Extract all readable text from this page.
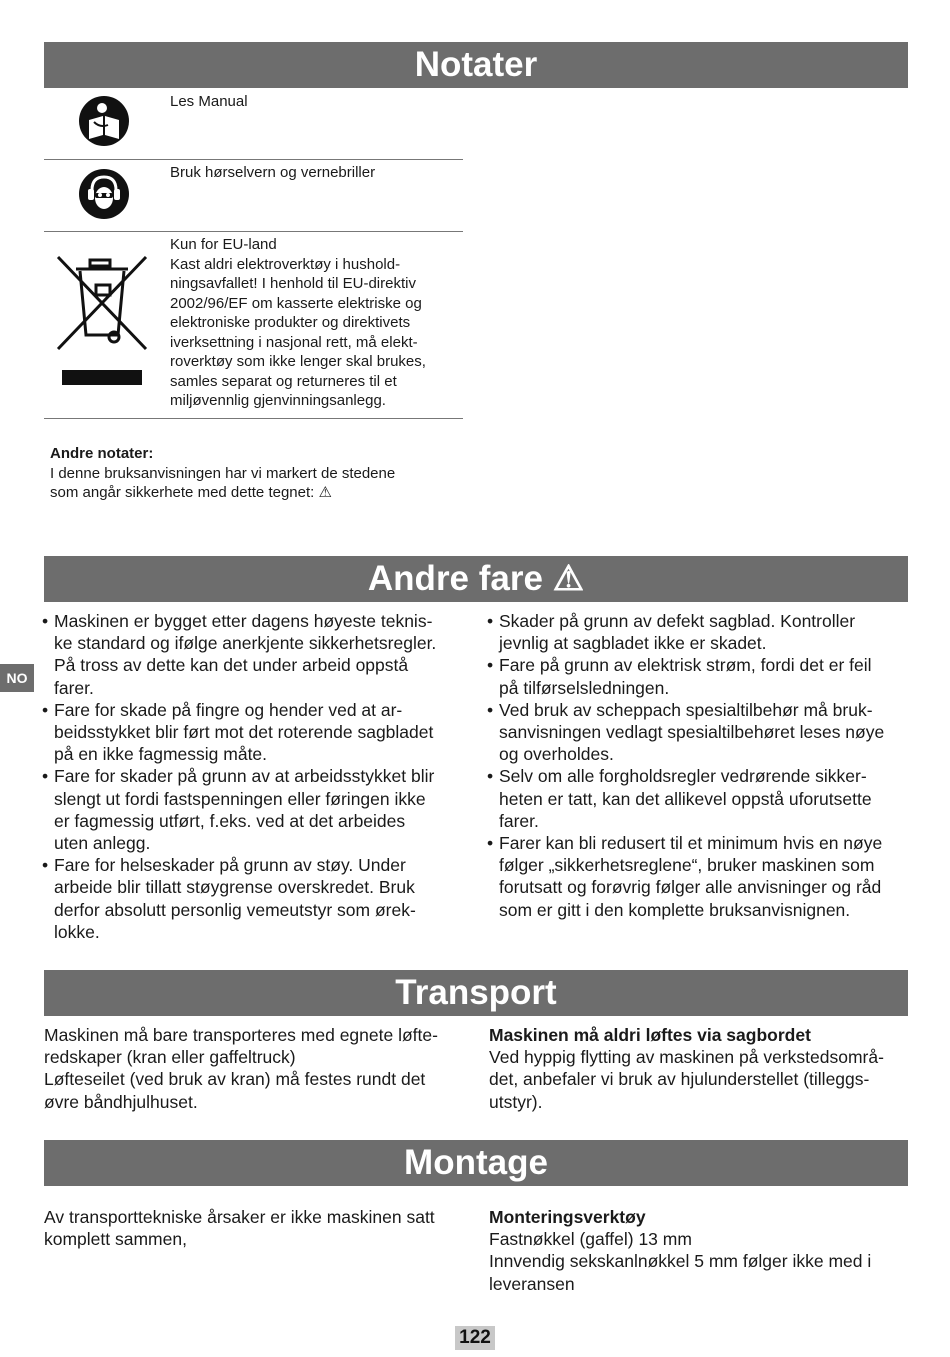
Notater
Les Manual
Bruk hørselvern og vernebriller
Kun for EU-land
Kast aldri elektroverktøy i hushold-
ningsavfallet! I henhold til EU-direktiv
2002/96/EF om kasserte elektriske og
elektroniske produkter og direktivets
iverksettning i nasjonal rett, må elekt-
roverktøy som ikke lenger skal brukes,
samles separat og returneres til et
miljøvennlig gjenvinningsanlegg.
Andre notater:
I denne bruksanvisningen har vi markert de stedene
som angår sikkerhete med dette tegnet: ⚠
Andre fare ⚠
NO
• Maskinen er bygget etter dagens høyeste teknis-
ke standard og ifølge anerkjente sikkerhetsregler.
På tross av dette kan det under arbeid oppstå
farer.
• Fare for skade på fingre og hender ved at ar-
beidsstykket blir ført mot det roterende sagbladet
på en ikke fagmessig måte.
• Fare for skader på grunn av at arbeidsstykket blir
slengt ut fordi fastspenningen eller føringen ikke
er fagmessig utført, f.eks. ved at det arbeides
uten anlegg.
• Fare for helseskader på grunn av støy. Under
arbeide blir tillatt støygrense overskredet. Bruk
derfor absolutt personlig vemeutstyr som ørek-
lokke.
• Skader på grunn av defekt sagblad. Kontroller
jevnlig at sagbladet ikke er skadet.
• Fare på grunn av elektrisk strøm, fordi det er feil
på tilførselsledningen.
• Ved bruk av scheppach spesialtilbehør må bruk-
sanvisningen vedlagt spesialtilbehøret leses nøye
og overholdes.
• Selv om alle forgholdsregler vedrørende sikker-
heten er tatt, kan det allikevel oppstå uforutsette
farer.
• Farer kan bli redusert til et minimum hvis en nøye
følger „sikkerhetsreglene“, bruker maskinen som
forutsatt og forøvrig følger alle anvisninger og råd
som er gitt i den komplette bruksanvisnignen.
Transport
Maskinen må bare transporteres med egnete løfte-
redskaper (kran eller gaffeltruck)
Løfteseilet (ved bruk av kran) må festes rundt det
øvre båndhjulhuset.
Maskinen må aldri løftes via sagbordet
Ved hyppig flytting av maskinen på verkstedsområ-
det, anbefaler vi bruk av hjulunderstellet (tilleggs-
utstyr).
Montage
Av transporttekniske årsaker er ikke maskinen satt
komplett sammen,
Monteringsverktøy
Fastnøkkel (gaffel) 13 mm
Innvendig sekskanlnøkkel 5 mm følger ikke med i
leveransen
122
